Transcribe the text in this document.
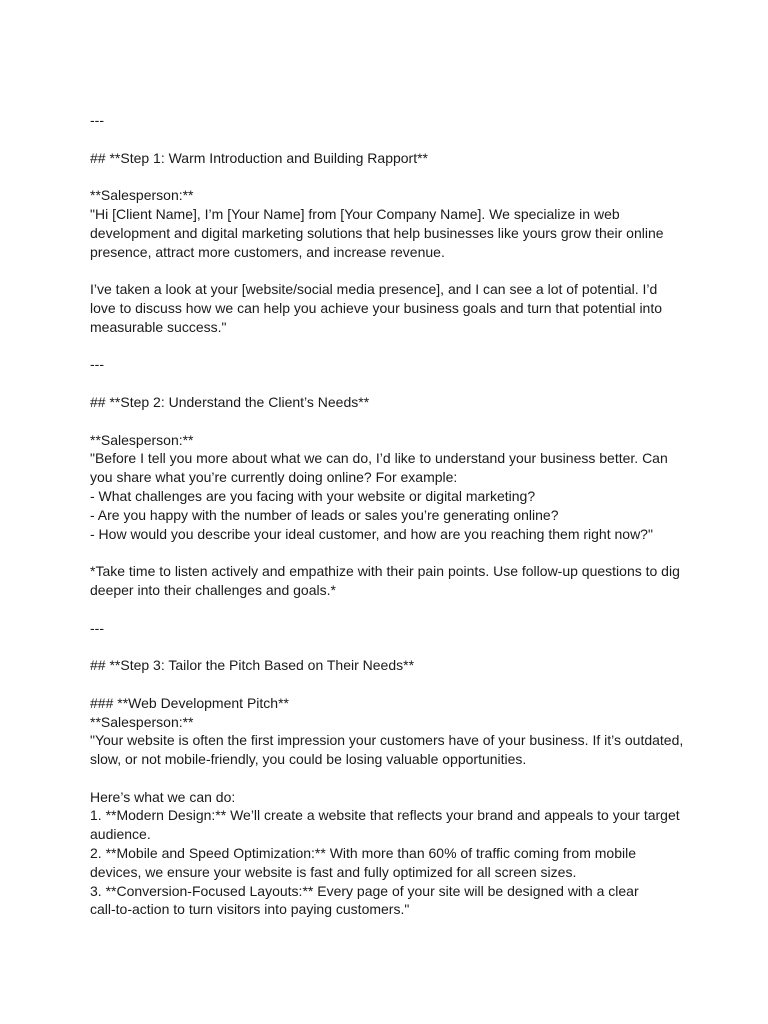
---
## **Step 1: Warm Introduction and Building Rapport**
**Salesperson:**
"Hi [Client Name], I’m [Your Name] from [Your Company Name]. We specialize in web
development and digital marketing solutions that help businesses like yours grow their online
presence, attract more customers, and increase revenue.
I’ve taken a look at your [website/social media presence], and I can see a lot of potential. I’d
love to discuss how we can help you achieve your business goals and turn that potential into
measurable success."
---
## **Step 2: Understand the Client’s Needs**
**Salesperson:**
"Before I tell you more about what we can do, I’d like to understand your business better. Can
you share what you’re currently doing online? For example:
- What challenges are you facing with your website or digital marketing?
- Are you happy with the number of leads or sales you’re generating online?
- How would you describe your ideal customer, and how are you reaching them right now?"
*Take time to listen actively and empathize with their pain points. Use follow-up questions to dig
deeper into their challenges and goals.*
---
## **Step 3: Tailor the Pitch Based on Their Needs**
### **Web Development Pitch**
**Salesperson:**
"Your website is often the first impression your customers have of your business. If it’s outdated,
slow, or not mobile-friendly, you could be losing valuable opportunities.
Here’s what we can do:
1. **Modern Design:** We’ll create a website that reflects your brand and appeals to your target
audience.
2. **Mobile and Speed Optimization:** With more than 60% of traffic coming from mobile
devices, we ensure your website is fast and fully optimized for all screen sizes.
3. **Conversion-Focused Layouts:** Every page of your site will be designed with a clear
call-to-action to turn visitors into paying customers."
